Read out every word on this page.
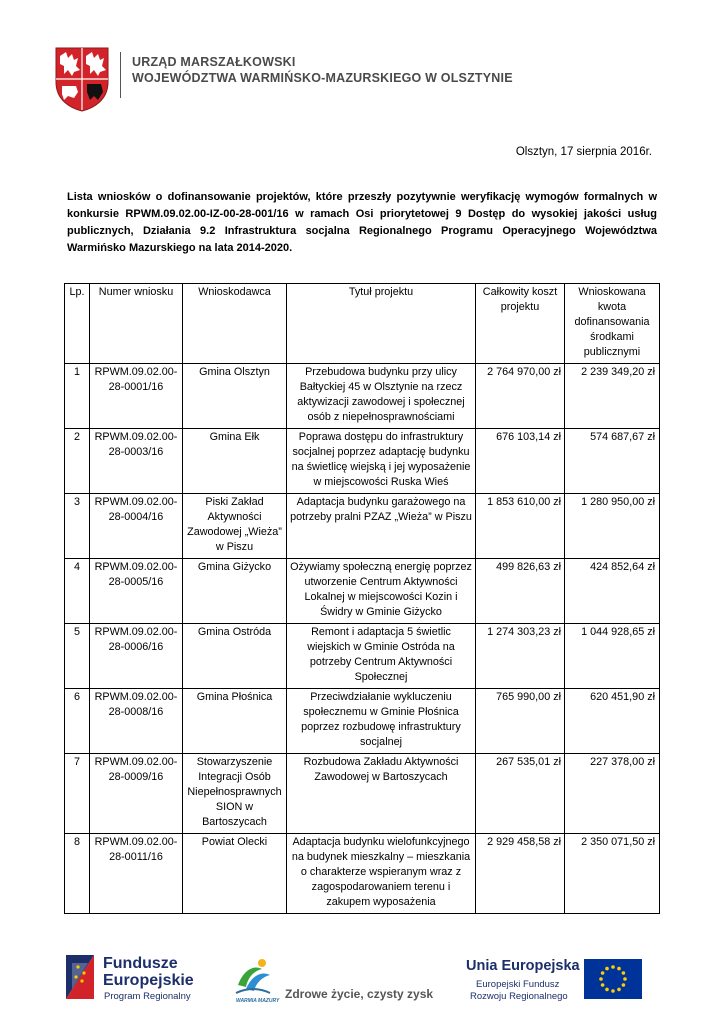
URZĄD MARSZAŁKOWSKI
WOJEWÓDZTWA WARMIŃSKO-MAZURSKIEGO W OLSZTYNIE
Olsztyn, 17 sierpnia 2016r.
Lista wniosków o dofinansowanie projektów, które przeszły pozytywnie weryfikację wymogów formalnych w konkursie RPWM.09.02.00-IZ-00-28-001/16 w ramach Osi priorytetowej 9 Dostęp do wysokiej jakości usług publicznych, Działania 9.2 Infrastruktura socjalna Regionalnego Programu Operacyjnego Województwa Warmińsko Mazurskiego na lata 2014-2020.
Lp.	Numer wniosku	Wnioskodawca	Tytuł projektu	Całkowity koszt projektu	Wnioskowana kwota dofinansowania środkami publicznymi
1	RPWM.09.02.00-28-0001/16	Gmina Olsztyn	Przebudowa budynku przy ulicy Bałtyckiej 45 w Olsztynie na rzecz aktywizacji zawodowej i społecznej osób z niepełnosprawnościami	2 764 970,00 zł	2 239 349,20 zł
2	RPWM.09.02.00-28-0003/16	Gmina Ełk	Poprawa dostępu do infrastruktury socjalnej poprzez adaptację budynku na świetlicę wiejską i jej wyposażenie w miejscowości Ruska Wieś	676 103,14 zł	574 687,67 zł
3	RPWM.09.02.00-28-0004/16	Piski Zakład Aktywności Zawodowej „Wieża” w Piszu	Adaptacja budynku garażowego na potrzeby pralni PZAZ „Wieża” w Piszu	1 853 610,00 zł	1 280 950,00 zł
4	RPWM.09.02.00-28-0005/16	Gmina Giżycko	Ożywiamy społeczną energię poprzez utworzenie Centrum Aktywności Lokalnej w miejscowości Kozin i Świdry w Gminie Giżycko	499 826,63 zł	424 852,64 zł
5	RPWM.09.02.00-28-0006/16	Gmina Ostróda	Remont i adaptacja 5 świetlic wiejskich w Gminie Ostróda na potrzeby Centrum Aktywności Społecznej	1 274 303,23 zł	1 044 928,65 zł
6	RPWM.09.02.00-28-0008/16	Gmina Płośnica	Przeciwdziałanie wykluczeniu społecznemu w Gminie Płośnica poprzez rozbudowę infrastruktury socjalnej	765 990,00 zł	620 451,90 zł
7	RPWM.09.02.00-28-0009/16	Stowarzyszenie Integracji Osób Niepełnosprawnych SION w Bartoszycach	Rozbudowa Zakładu Aktywności Zawodowej w Bartoszycach	267 535,01 zł	227 378,00 zł
8	RPWM.09.02.00-28-0011/16	Powiat Olecki	Adaptacja budynku wielofunkcyjnego na budynek mieszkalny – mieszkania o charakterze wspieranym wraz z zagospodarowaniem terenu i zakupem wyposażenia	2 929 458,58 zł	2 350 071,50 zł
Fundusze
Europejskie
Program Regionalny	WARMIA MAZURY Zdrowe życie, czysty zysk
Unia Europejska
Europejski Fundusz
Rozwoju Regionalnego
